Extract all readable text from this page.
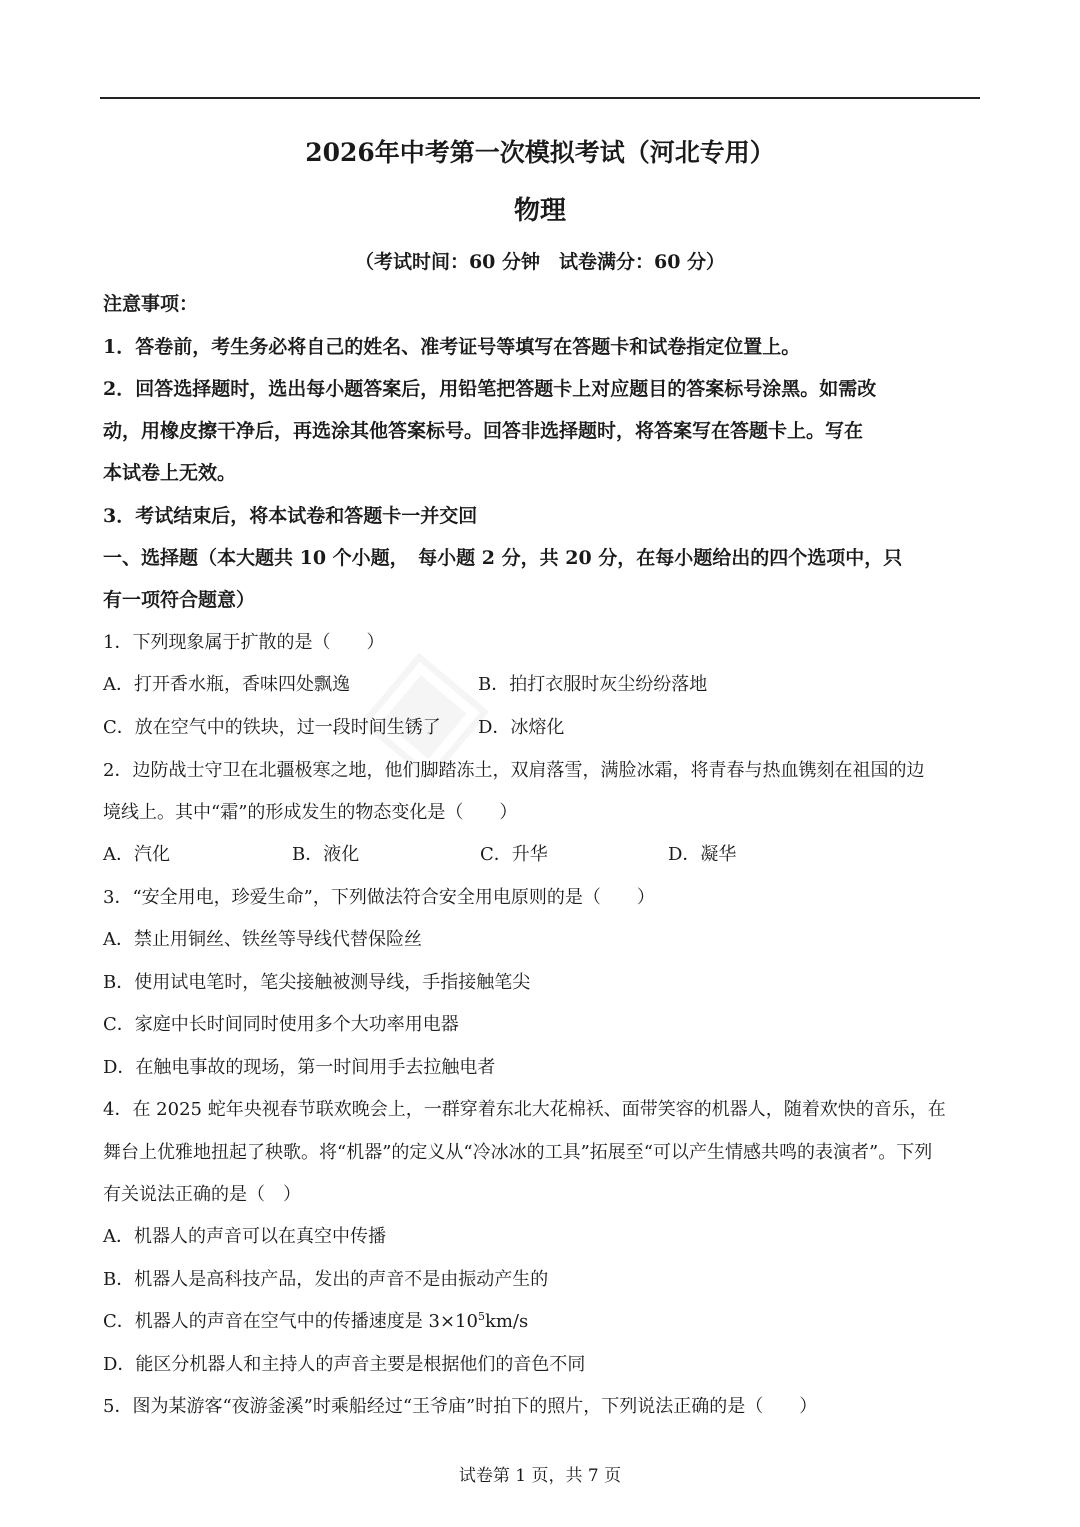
2026年中考第一次模拟考试（河北专用）
物理
（考试时间：60 分钟　试卷满分：60 分）
注意事项：
1．答卷前，考生务必将自己的姓名、准考证号等填写在答题卡和试卷指定位置上。
2．回答选择题时，选出每小题答案后，用铅笔把答题卡上对应题目的答案标号涂黑。如需改
动，用橡皮擦干净后，再选涂其他答案标号。回答非选择题时，将答案写在答题卡上。写在
本试卷上无效。
3．考试结束后，将本试卷和答题卡一并交回
一、选择题（本大题共 10 个小题，　每小题 2 分，共 20 分，在每小题给出的四个选项中，只
有一项符合题意）
1．下列现象属于扩散的是（　　）
A．打开香水瓶，香味四处飘逸	B．拍打衣服时灰尘纷纷落地
C．放在空气中的铁块，过一段时间生锈了 D．冰熔化
2．边防战士守卫在北疆极寒之地，他们脚踏冻土，双肩落雪，满脸冰霜，将青春与热血镌刻在祖国的边
境线上。其中“霜”的形成发生的物态变化是（　　）
A．汽化	B．液化	C．升华	D．凝华
3．“安全用电，珍爱生命”，下列做法符合安全用电原则的是（　　）
A．禁止用铜丝、铁丝等导线代替保险丝
B．使用试电笔时，笔尖接触被测导线，手指接触笔尖
C．家庭中长时间同时使用多个大功率用电器
D．在触电事故的现场，第一时间用手去拉触电者
4．在 2025 蛇年央视春节联欢晚会上，一群穿着东北大花棉袄、面带笑容的机器人，随着欢快的音乐，在
舞台上优雅地扭起了秧歌。将“机器”的定义从“冷冰冰的工具”拓展至“可以产生情感共鸣的表演者”。下列
有关说法正确的是（　）
A．机器人的声音可以在真空中传播
B．机器人是高科技产品，发出的声音不是由振动产生的
C．机器人的声音在空气中的传播速度是 $3\times 10^5km/s$
D．能区分机器人和主持人的声音主要是根据他们的音色不同
5．图为某游客“夜游釜溪”时乘船经过“王爷庙”时拍下的照片，下列说法正确的是（　　）
试卷第 1 页，共 7 页
